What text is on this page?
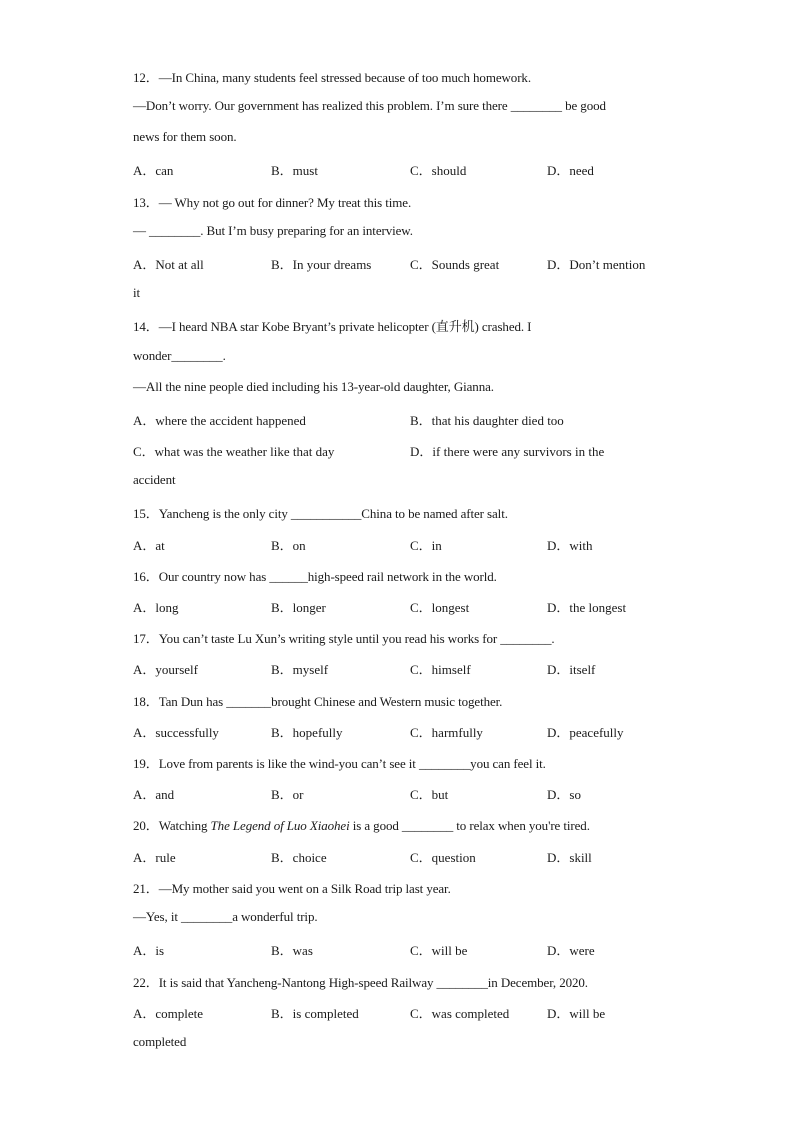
12．—In China, many students feel stressed because of too much homework.
—Don’t worry. Our government has realized this problem. I’m sure there ________ be good
news for them soon.
A．can	B．must	C．should	D．need
13．— Why not go out for dinner? My treat this time.
— ________. But I’m busy preparing for an interview.
A．Not at all	B．In your dreams	C．Sounds great	D．Don’t mention
it
14．—I heard NBA star Kobe Bryant’s private helicopter (直升机) crashed. I
wonder________.
—All the nine people died including his 13-year-old daughter, Gianna.
A．where the accident happened	B．that his daughter died too
C．what was the weather like that day	D．if there were any survivors in the
accident
15．Yancheng is the only city ___________China to be named after salt.
A．at	B．on	C．in	D．with
16．Our country now has ______high-speed rail network in the world.
A．long	B．longer	C．longest	D．the longest
17．You can’t taste Lu Xun’s writing style until you read his works for ________.
A．yourself	B．myself	C．himself	D．itself
18．Tan Dun has _______brought Chinese and Western music together.
A．successfully	B．hopefully	C．harmfully	D．peacefully
19．Love from parents is like the wind-you can’t see it ________you can feel it.
A．and	B．or	C．but	D．so
20．Watching The Legend of Luo Xiaohei is a good ________ to relax when you're tired.
A．rule	B．choice	C．question	D．skill
21．—My mother said you went on a Silk Road trip last year.
—Yes, it ________a wonderful trip.
A．is	B．was	C．will be	D．were
22．It is said that Yancheng-Nantong High-speed Railway ________in December, 2020.
A．complete	B．is completed	C．was completed	D．will be
completed
